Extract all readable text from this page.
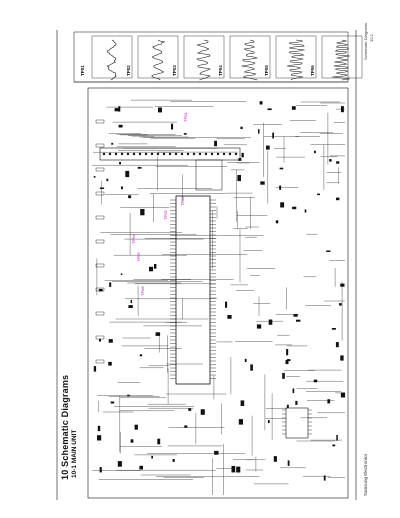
10 Schematic Diagrams 10-1 MAIN UNIT
Schematic Diagrams 10-1
Samsung Electronics
TP01	TP02	TP03	TP04	TP05	TP06
TP01
TP02
TP03
TP04
TP05
TP06
